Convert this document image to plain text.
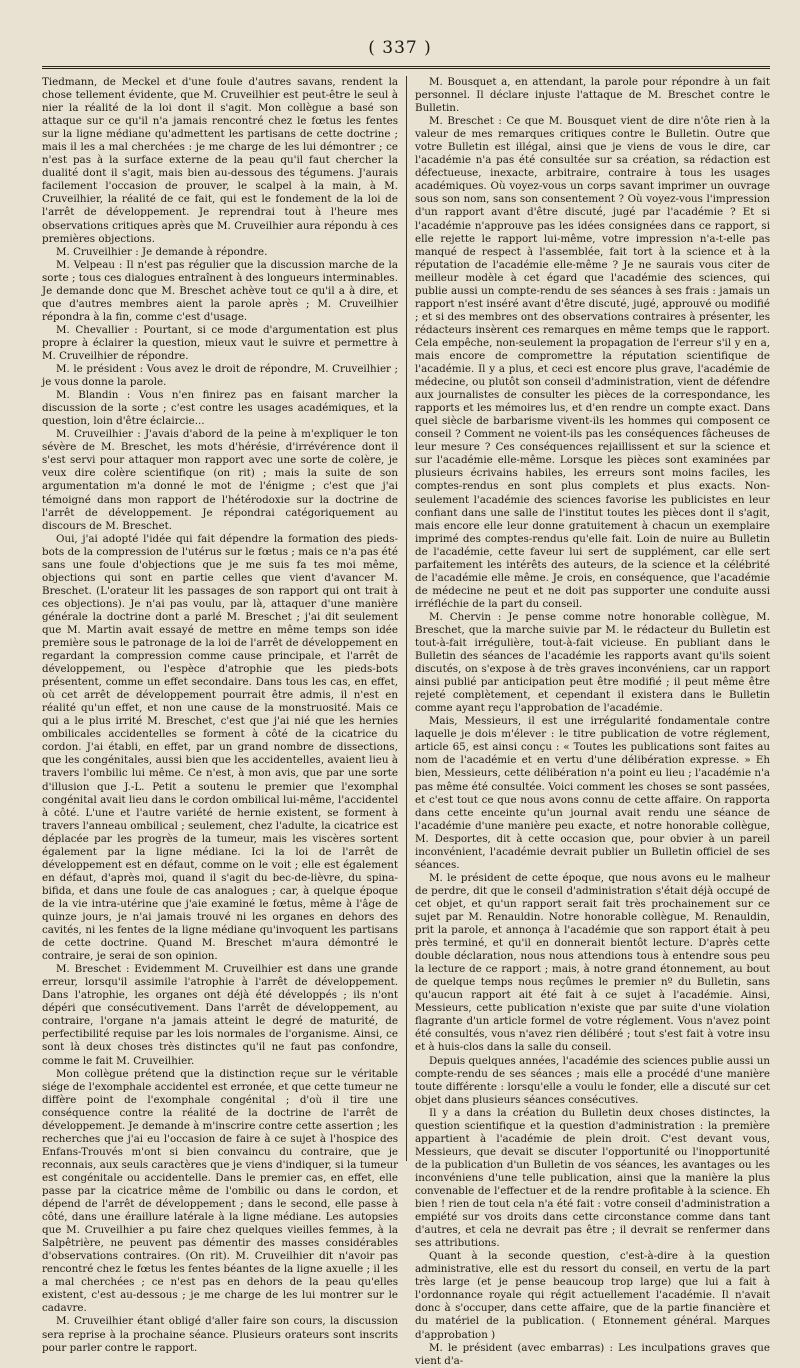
( 337 )

Tiedmann, de Meckel et d'une foule d'autres savans, rendent la chose tellement évidente, que M. Cruveilhier est peut-être le seul à nier la réalité de la loi dont il s'agit. Mon collègue a basé son attaque sur ce qu'il n'a jamais rencontré chez le fœtus les fentes sur la ligne médiane qu'admettent les partisans de cette doctrine ; mais il les a mal cherchées : je me charge de les lui démontrer ; ce n'est pas à la surface externe de la peau qu'il faut chercher la dualité dont il s'agit, mais bien au-dessous des tégumens. J'aurais facilement l'occasion de prouver, le scalpel à la main, à M. Cruveilhier, la réalité de ce fait, qui est le fondement de la loi de l'arrêt de développement. Je reprendrai tout à l'heure mes observations critiques après que M. Cruveilhier aura répondu à ces premières objections.

M. Cruveilhier : Je demande à répondre.

M. Velpeau : Il n'est pas régulier que la discussion marche de la sorte ; tous ces dialogues entraînent à des longueurs interminables. Je demande donc que M. Breschet achève tout ce qu'il a à dire, et que d'autres membres aient la parole après ; M. Cruveilhier répondra à la fin, comme c'est d'usage.

M. Chevallier : Pourtant, si ce mode d'argumentation est plus propre à éclairer la question, mieux vaut le suivre et permettre à M. Cruveilhier de répondre.

M. le président : Vous avez le droit de répondre, M. Cruveilhier ; je vous donne la parole.

M. Blandin : Vous n'en finirez pas en faisant marcher la discussion de la sorte ; c'est contre les usages académiques, et la question, loin d'être éclaircie...

M. Cruveilhier : J'avais d'abord de la peine à m'expliquer le ton sévère de M. Breschet, les mots d'hérésie, d'irrévérence dont il s'est servi pour attaquer mon rapport avec une sorte de colère, je veux dire colère scientifique (on rit) ; mais la suite de son argumentation m'a donné le mot de l'énigme ; c'est que j'ai témoigné dans mon rapport de l'hétérodoxie sur la doctrine de l'arrêt de développement. Je répondrai catégoriquement au discours de M. Breschet.

Oui, j'ai adopté l'idée qui fait dépendre la formation des pieds-bots de la compression de l'utérus sur le fœtus ; mais ce n'a pas été sans une foule d'objections que je me suis fa tes moi même, objections qui sont en partie celles que vient d'avancer M. Breschet. (L'orateur lit les passages de son rapport qui ont trait à ces objections). Je n'ai pas voulu, par là, attaquer d'une manière générale la doctrine dont a parlé M. Breschet ; j'ai dit seulement que M. Martin avait essayé de mettre en même temps son idée première sous le patronage de la loi de l'arrêt de développement en regardant la compression comme cause principale, et l'arrêt de développement, ou l'espèce d'atrophie que les pieds-bots présentent, comme un effet secondaire. Dans tous les cas, en effet, où cet arrêt de développement pourrait être admis, il n'est en réalité qu'un effet, et non une cause de la monstruosité. Mais ce qui a le plus irrité M. Breschet, c'est que j'ai nié que les hernies ombilicales accidentelles se forment à côté de la cicatrice du cordon. J'ai établi, en effet, par un grand nombre de dissections, que les congénitales, aussi bien que les accidentelles, avaient lieu à travers l'ombilic lui même. Ce n'est, à mon avis, que par une sorte d'illusion que J.-L. Petit a soutenu le premier que l'exomphal congénital avait lieu dans le cordon ombilical lui-même, l'accidentel à côté. L'une et l'autre variété de hernie existent, se forment à travers l'anneau ombilical ; seulement, chez l'adulte, la cicatrice est déplacée par les progrès de la tumeur, mais les viscères sortent également par la ligne médiane. Ici la loi de l'arrêt de développement est en défaut, comme on le voit ; elle est également en défaut, d'après moi, quand il s'agit du bec-de-lièvre, du spina-bifida, et dans une foule de cas analogues ; car, à quelque époque de la vie intra-utérine que j'aie examiné le fœtus, même à l'âge de quinze jours, je n'ai jamais trouvé ni les organes en dehors des cavités, ni les fentes de la ligne médiane qu'invoquent les partisans de cette doctrine. Quand M. Breschet m'aura démontré le contraire, je serai de son opinion.

M. Breschet : Evidemment M. Cruveilhier est dans une grande erreur, lorsqu'il assimile l'atrophie à l'arrêt de développement. Dans l'atrophie, les organes ont déjà été développés ; ils n'ont dépéri que consécutivement. Dans l'arrêt de développement, au contraire, l'organe n'a jamais atteint le degré de maturité, de perfectibilité requise par les lois normales de l'organisme. Ainsi, ce sont là deux choses très distinctes qu'il ne faut pas confondre, comme le fait M. Cruveilhier.

Mon collègue prétend que la distinction reçue sur le véritable siége de l'exomphale accidentel est erronée, et que cette tumeur ne diffère point de l'exomphale congénital ; d'où il tire une conséquence contre la réalité de la doctrine de l'arrêt de développement. Je demande à m'inscrire contre cette assertion ; les recherches que j'ai eu l'occasion de faire à ce sujet à l'hospice des Enfans-Trouvés m'ont si bien convaincu du contraire, que je reconnais, aux seuls caractères que je viens d'indiquer, si la tumeur est congénitale ou accidentelle. Dans le premier cas, en effet, elle passe par la cicatrice même de l'ombilic ou dans le cordon, et dépend de l'arrêt de développement ; dans le second, elle passe à côté, dans une éraillure latérale à la ligne médiane. Les autopsies que M. Cruveilhier a pu faire chez quelques vieilles femmes, à la Salpêtrière, ne peuvent pas démentir des masses considérables d'observations contraires. (On rit). M. Cruveilhier dit n'avoir pas rencontré chez le fœtus les fentes béantes de la ligne axuelle ; il les a mal cherchées ; ce n'est pas en dehors de la peau qu'elles existent, c'est au-dessous ; je me charge de les lui montrer sur le cadavre.

M. Cruveilhier étant obligé d'aller faire son cours, la discussion sera reprise à la prochaine séance. Plusieurs orateurs sont inscrits pour parler contre le rapport.

M. Bousquet a, en attendant, la parole pour répondre à un fait personnel. Il déclare injuste l'attaque de M. Breschet contre le Bulletin.

M. Breschet : Ce que M. Bousquet vient de dire n'ôte rien à la valeur de mes remarques critiques contre le Bulletin. Outre que votre Bulletin est illégal, ainsi que je viens de vous le dire, car l'académie n'a pas été consultée sur sa création, sa rédaction est défectueuse, inexacte, arbitraire, contraire à tous les usages académiques. Où voyez-vous un corps savant imprimer un ouvrage sous son nom, sans son consentement ? Où voyez-vous l'impression d'un rapport avant d'être discuté, jugé par l'académie ? Et si l'académie n'approuve pas les idées consignées dans ce rapport, si elle rejette le rapport lui-même, votre impression n'a-t-elle pas manqué de respect à l'assemblée, fait tort à la science et à la réputation de l'académie elle-même ? Je ne saurais vous citer de meilleur modèle à cet égard que l'académie des sciences, qui publie aussi un compte-rendu de ses séances à ses frais : jamais un rapport n'est inséré avant d'être discuté, jugé, approuvé ou modifié ; et si des membres ont des observations contraires à présenter, les rédacteurs insèrent ces remarques en même temps que le rapport. Cela empêche, non-seulement la propagation de l'erreur s'il y en a, mais encore de compromettre la réputation scientifique de l'académie. Il y a plus, et ceci est encore plus grave, l'académie de médecine, ou plutôt son conseil d'administration, vient de défendre aux journalistes de consulter les pièces de la correspondance, les rapports et les mémoires lus, et d'en rendre un compte exact. Dans quel siècle de barbarisme vivent-ils les hommes qui composent ce conseil ? Comment ne voient-ils pas les conséquences fâcheuses de leur mesure ? Ces conséquences rejaillissent et sur la science et sur l'académie elle-même. Lorsque les pièces sont examinées par plusieurs écrivains habiles, les erreurs sont moins faciles, les comptes-rendus en sont plus complets et plus exacts. Non-seulement l'académie des sciences favorise les publicistes en leur confiant dans une salle de l'institut toutes les pièces dont il s'agit, mais encore elle leur donne gratuitement à chacun un exemplaire imprimé des comptes-rendus qu'elle fait. Loin de nuire au Bulletin de l'académie, cette faveur lui sert de supplément, car elle sert parfaitement les intérêts des auteurs, de la science et la célébrité de l'académie elle même. Je crois, en conséquence, que l'académie de médecine ne peut et ne doit pas supporter une conduite aussi irréfléchie de la part du conseil.

M. Chervin : Je pense comme notre honorable collègue, M. Breschet, que la marche suivie par M. le rédacteur du Bulletin est tout-à-fait irrégulière, tout-à-fait vicieuse. En publiant dans le Bulletin des séances de l'académie les rapports avant qu'ils soient discutés, on s'expose à de très graves inconvéniens, car un rapport ainsi publié par anticipation peut être modifié ; il peut même être rejeté complètement, et cependant il existera dans le Bulletin comme ayant reçu l'approbation de l'académie.

Mais, Messieurs, il est une irrégularité fondamentale contre laquelle je dois m'élever : le titre publication de votre réglement, article 65, est ainsi conçu : « Toutes les publications sont faites au nom de l'académie et en vertu d'une délibération expresse. » Eh bien, Messieurs, cette délibération n'a point eu lieu ; l'académie n'a pas même été consultée. Voici comment les choses se sont passées, et c'est tout ce que nous avons connu de cette affaire. On rapporta dans cette enceinte qu'un journal avait rendu une séance de l'académie d'une manière peu exacte, et notre honorable collègue, M. Desportes, dit à cette occasion que, pour obvier à un pareil inconvénient, l'académie devrait publier un Bulletin officiel de ses séances.

M. le président de cette époque, que nous avons eu le malheur de perdre, dit que le conseil d'administration s'était déjà occupé de cet objet, et qu'un rapport serait fait très prochainement sur ce sujet par M. Renauldin. Notre honorable collègue, M. Renauldin, prit la parole, et annonça à l'académie que son rapport était à peu près terminé, et qu'il en donnerait bientôt lecture. D'après cette double déclaration, nous nous attendions tous à entendre sous peu la lecture de ce rapport ; mais, à notre grand étonnement, au bout de quelque temps nous reçûmes le premier nº du Bulletin, sans qu'aucun rapport ait été fait à ce sujet à l'académie. Ainsi, Messieurs, cette publication n'existe que par suite d'une violation flagrante d'un article formel de votre réglement. Vous n'avez point été consultés, vous n'avez rien délibéré ; tout s'est fait à votre insu et à huis-clos dans la salle du conseil.

Depuis quelques années, l'académie des sciences publie aussi un compte-rendu de ses séances ; mais elle a procédé d'une manière toute différente : lorsqu'elle a voulu le fonder, elle a discuté sur cet objet dans plusieurs séances consécutives.

Il y a dans la création du Bulletin deux choses distinctes, la question scientifique et la question d'administration : la première appartient à l'académie de plein droit. C'est devant vous, Messieurs, que devait se discuter l'opportunité ou l'inopportunité de la publication d'un Bulletin de vos séances, les avantages ou les inconvéniens d'une telle publication, ainsi que la manière la plus convenable de l'effectuer et de la rendre profitable à la science. Eh bien ! rien de tout cela n'a été fait : votre conseil d'administration a empiété sur vos droits dans cette circonstance comme dans tant d'autres, et cela ne devrait pas être ; il devrait se renfermer dans ses attributions.

Quant à la seconde question, c'est-à-dire à la question administrative, elle est du ressort du conseil, en vertu de la part très large (et je pense beaucoup trop large) que lui a fait à l'ordonnance royale qui régit actuellement l'académie. Il n'avait donc à s'occuper, dans cette affaire, que de la partie financière et du matériel de la publication. ( Etonnement général. Marques d'approbation )

M. le président (avec embarras) : Les inculpations graves que vient d'a-
